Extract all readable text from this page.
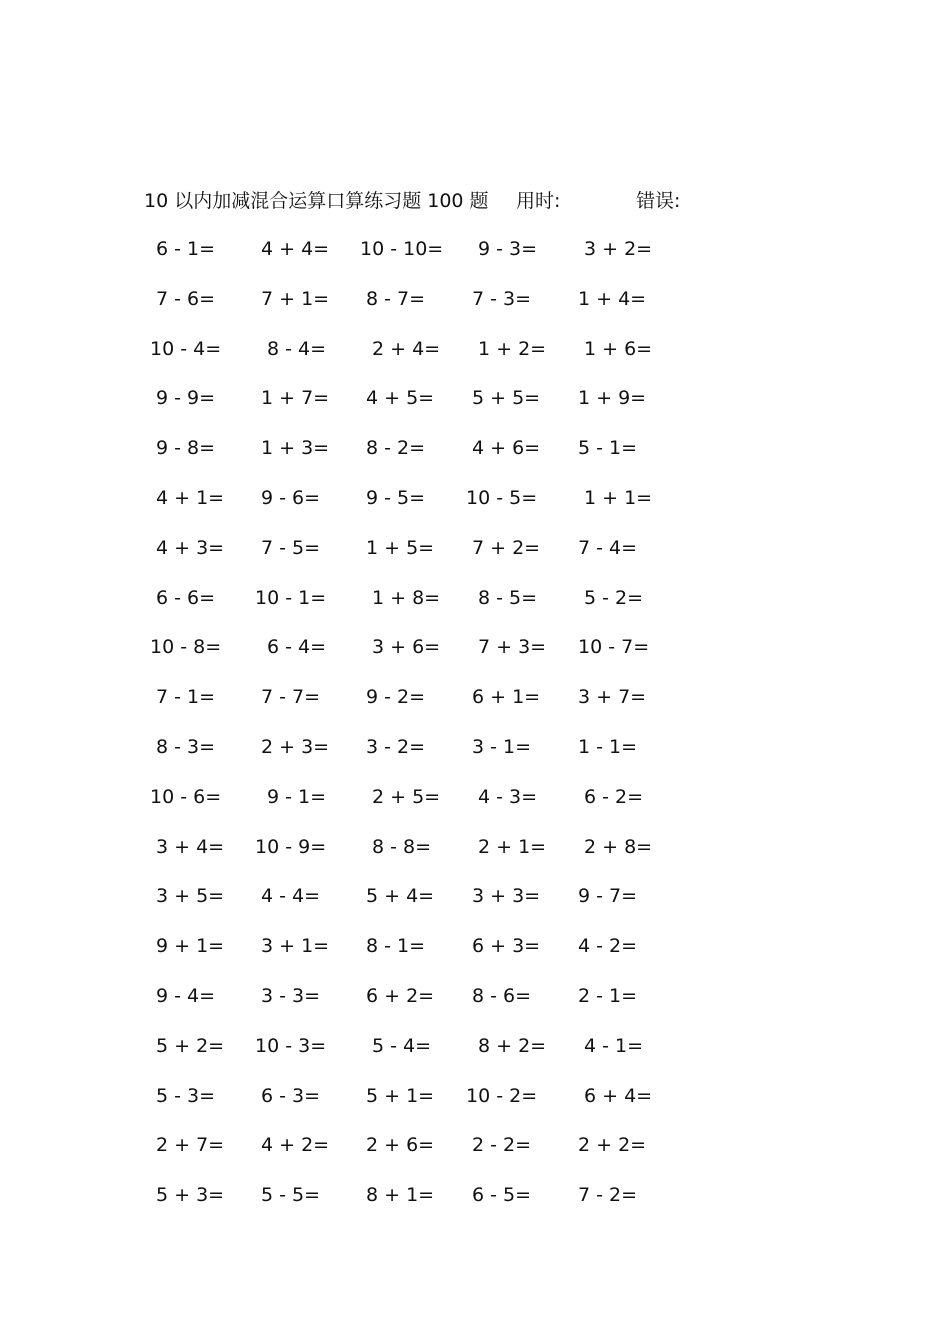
10 以内加减混合运算口算练习题 100 题 用时:	错误:
6 - 1= 4 + 4= 10 - 10= 9 - 3= 3 + 2=
7 - 6= 7 + 1= 8 - 7= 7 - 3= 1 + 4=
10 - 4= 8 - 4= 2 + 4= 1 + 2= 1 + 6=
9 - 9= 1 + 7= 4 + 5= 5 + 5= 1 + 9=
9 - 8= 1 + 3= 8 - 2= 4 + 6= 5 - 1=
4 + 1= 9 - 6= 9 - 5= 10 - 5= 1 + 1=
4 + 3= 7 - 5= 1 + 5= 7 + 2= 7 - 4=
6 - 6= 10 - 1= 1 + 8= 8 - 5= 5 - 2=
10 - 8= 6 - 4= 3 + 6= 7 + 3= 10 - 7=
7 - 1= 7 - 7= 9 - 2= 6 + 1= 3 + 7=
8 - 3= 2 + 3= 3 - 2= 3 - 1= 1 - 1=
10 - 6= 9 - 1= 2 + 5= 4 - 3= 6 - 2=
3 + 4= 10 - 9= 8 - 8= 2 + 1= 2 + 8=
3 + 5= 4 - 4= 5 + 4= 3 + 3= 9 - 7=
9 + 1= 3 + 1= 8 - 1= 6 + 3= 4 - 2=
9 - 4= 3 - 3= 6 + 2= 8 - 6= 2 - 1=
5 + 2= 10 - 3= 5 - 4= 8 + 2= 4 - 1=
5 - 3= 6 - 3= 5 + 1= 10 - 2= 6 + 4=
2 + 7= 4 + 2= 2 + 6= 2 - 2= 2 + 2=
5 + 3= 5 - 5= 8 + 1= 6 - 5= 7 - 2=
